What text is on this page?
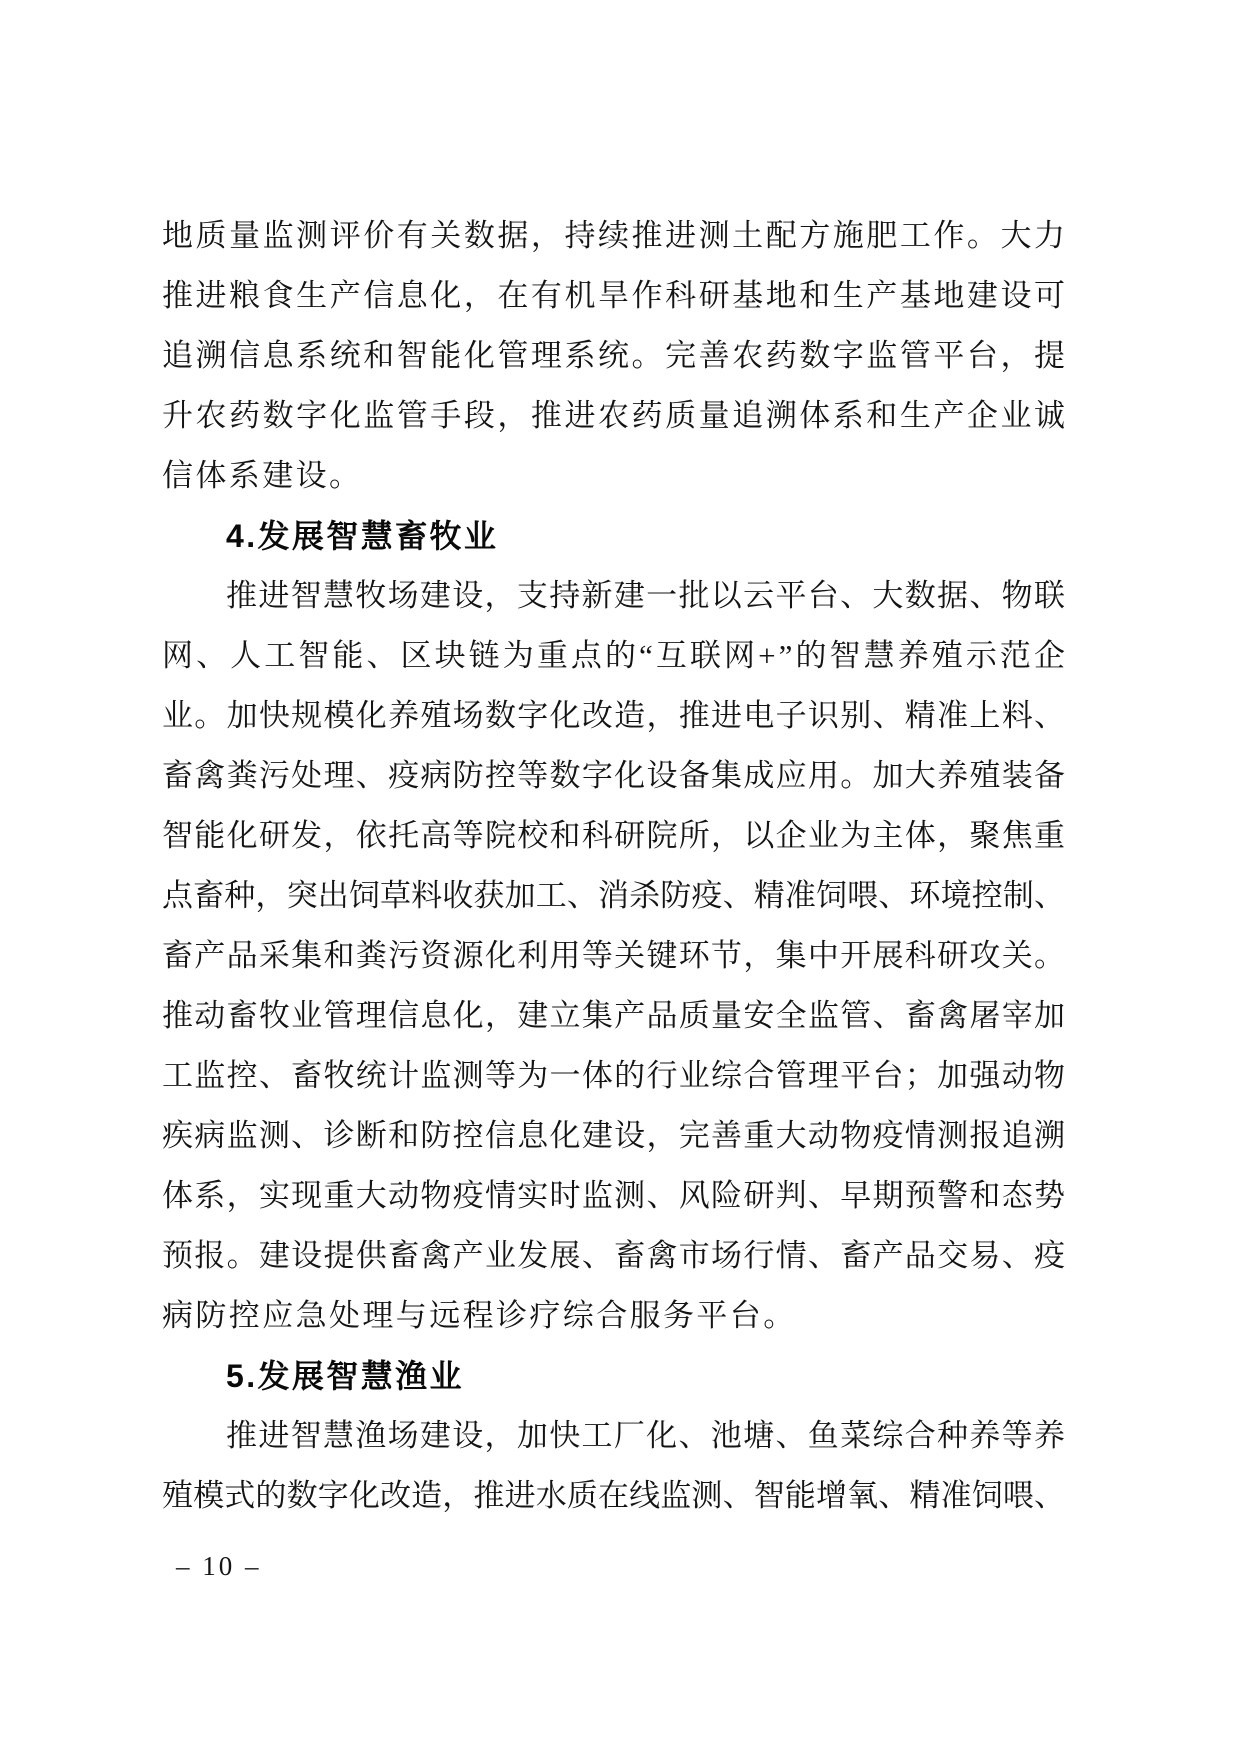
地质量监测评价有关数据，持续推进测土配方施肥工作。大力
推进粮食生产信息化，在有机旱作科研基地和生产基地建设可
追溯信息系统和智能化管理系统。完善农药数字监管平台，提
升农药数字化监管手段，推进农药质量追溯体系和生产企业诚
信体系建设。
4.发展智慧畜牧业
推进智慧牧场建设，支持新建一批以云平台、大数据、物联
网、人工智能、区块链为重点的“互联网+”的智慧养殖示范企
业。加快规模化养殖场数字化改造，推进电子识别、精准上料、
畜禽粪污处理、疫病防控等数字化设备集成应用。加大养殖装备
智能化研发，依托高等院校和科研院所，以企业为主体，聚焦重
点畜种，突出饲草料收获加工、消杀防疫、精准饲喂、环境控制、
畜产品采集和粪污资源化利用等关键环节，集中开展科研攻关。
推动畜牧业管理信息化，建立集产品质量安全监管、畜禽屠宰加
工监控、畜牧统计监测等为一体的行业综合管理平台；加强动物
疾病监测、诊断和防控信息化建设，完善重大动物疫情测报追溯
体系，实现重大动物疫情实时监测、风险研判、早期预警和态势
预报。建设提供畜禽产业发展、畜禽市场行情、畜产品交易、疫
病防控应急处理与远程诊疗综合服务平台。
5.发展智慧渔业
推进智慧渔场建设，加快工厂化、池塘、鱼菜综合种养等养
殖模式的数字化改造，推进水质在线监测、智能增氧、精准饲喂、
– 10 –
